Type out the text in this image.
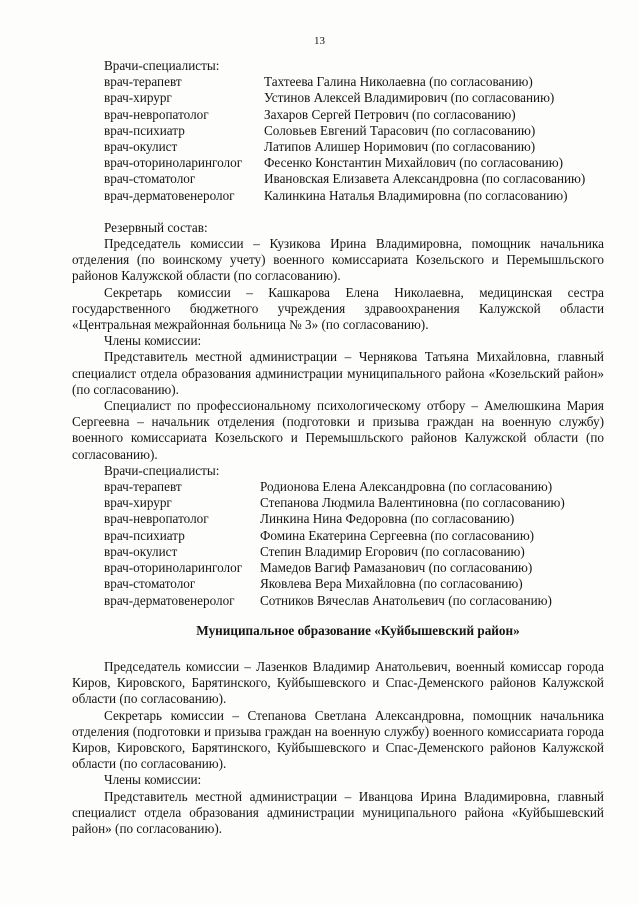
13
Врачи-специалисты:
врач-терапевт	Тахтеева Галина Николаевна (по согласованию)
врач-хирург	Устинов Алексей Владимирович (по согласованию)
врач-невропатолог	Захаров Сергей Петрович (по согласованию)
врач-психиатр	Соловьев Евгений Тарасович (по согласованию)
врач-окулист	Латипов Алишер Норимович (по согласованию)
врач-оториноларинголог	Фесенко Константин Михайлович (по согласованию)
врач-стоматолог	Ивановская Елизавета Александровна (по согласованию)
врач-дерматовенеролог	Калинкина Наталья Владимировна (по согласованию)
Резервный состав:

Председатель комиссии – Кузикова Ирина Владимировна, помощник начальника отделения (по воинскому учету) военного комиссариата Козельского и Перемышльского районов Калужской области (по согласованию).

Секретарь комиссии – Кашкарова Елена Николаевна, медицинская сестра государственного бюджетного учреждения здравоохранения Калужской области «Центральная межрайонная больница № 3» (по согласованию).

Члены комиссии:

Представитель местной администрации – Чернякова Татьяна Михайловна, главный специалист отдела образования администрации муниципального района «Козельский район» (по согласованию).

Специалист по профессиональному психологическому отбору – Амелюшкина Мария Сергеевна – начальник отделения (подготовки и призыва граждан на военную службу) военного комиссариата Козельского и Перемышльского районов Калужской области (по согласованию).

Врачи-специалисты:
врач-терапевт	Родионова Елена Александровна (по согласованию)
врач-хирург	Степанова Людмила Валентиновна (по согласованию)
врач-невропатолог	Линкина Нина Федоровна (по согласованию)
врач-психиатр	Фомина Екатерина Сергеевна (по согласованию)
врач-окулист	Степин Владимир Егорович (по согласованию)
врач-оториноларинголог	Мамедов Вагиф Рамазанович (по согласованию)
врач-стоматолог	Яковлева Вера Михайловна (по согласованию)
врач-дерматовенеролог	Сотников Вячеслав Анатольевич (по согласованию)
Муниципальное образование «Куйбышевский район»

Председатель комиссии – Лазенков Владимир Анатольевич, военный комиссар города Киров, Кировского, Барятинского, Куйбышевского и Спас-Деменского районов Калужской области (по согласованию).

Секретарь комиссии – Степанова Светлана Александровна, помощник начальника отделения (подготовки и призыва граждан на военную службу) военного комиссариата города Киров, Кировского, Барятинского, Куйбышевского и Спас-Деменского районов Калужской области (по согласованию).

Члены комиссии:

Представитель местной администрации – Иванцова Ирина Владимировна, главный специалист отдела образования администрации муниципального района «Куйбышевский район» (по согласованию).
